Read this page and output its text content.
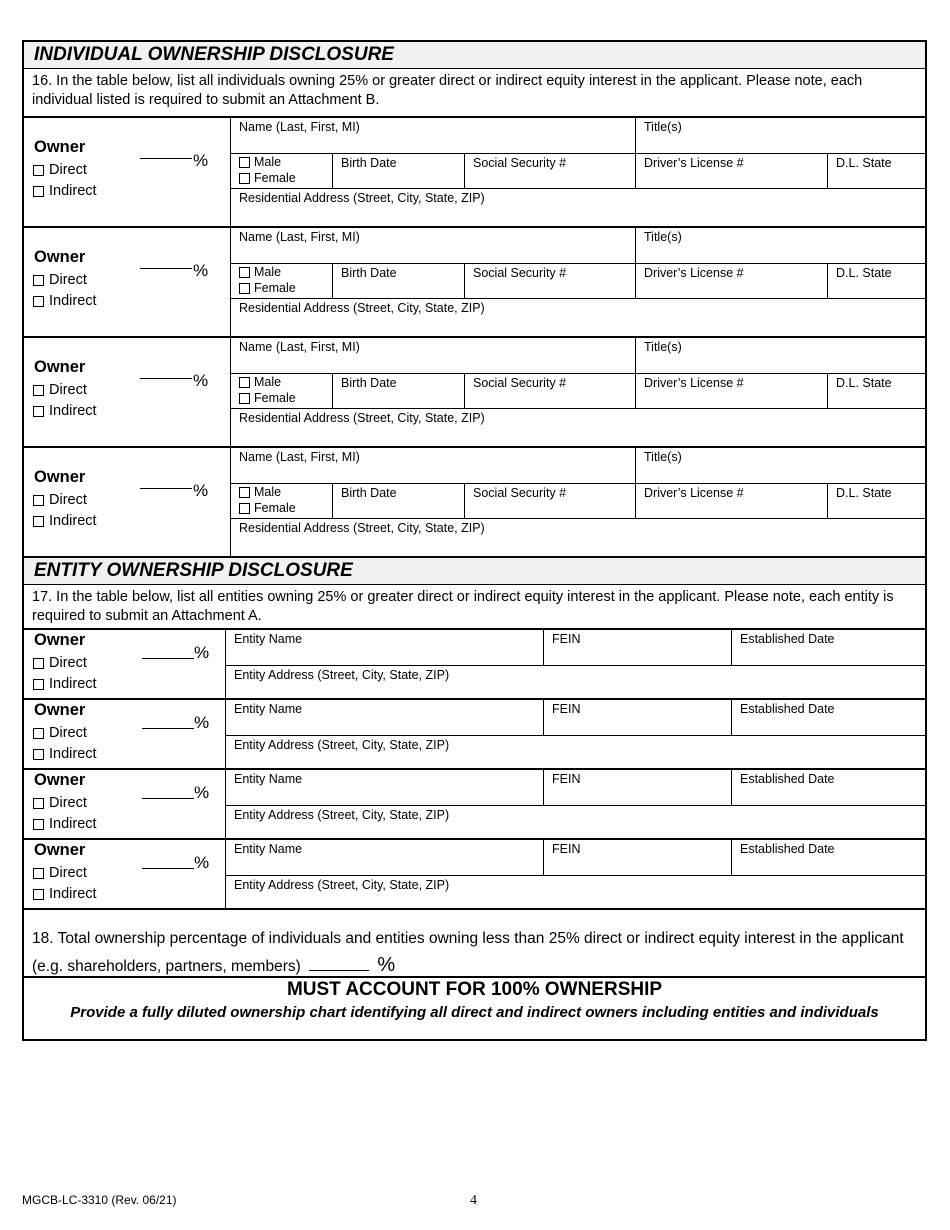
INDIVIDUAL OWNERSHIP DISCLOSURE
16. In the table below, list all individuals owning 25% or greater direct or indirect equity interest in the applicant. Please note, each individual listed is required to submit an Attachment B.
Owner
%
Direct
Indirect
Name (Last, First, MI)	Title(s)
Male
Female
Birth Date	Social Security #	Driver’s License #	D.L. State
Residential Address (Street, City, State, ZIP)
Owner
%
Direct
Indirect
Name (Last, First, MI)	Title(s)
Male
Female
Birth Date	Social Security #	Driver’s License #	D.L. State
Residential Address (Street, City, State, ZIP)
Owner
%
Direct
Indirect
Name (Last, First, MI)	Title(s)
Male
Female
Birth Date	Social Security #	Driver’s License #	D.L. State
Residential Address (Street, City, State, ZIP)
Owner
%
Direct
Indirect
Name (Last, First, MI)	Title(s)
Male
Female
Birth Date	Social Security #	Driver’s License #	D.L. State
Residential Address (Street, City, State, ZIP)
ENTITY OWNERSHIP DISCLOSURE
17. In the table below, list all entities owning 25% or greater direct or indirect equity interest in the applicant. Please note, each entity is required to submit an Attachment A.
Owner
%
Direct
Indirect
Entity Name	FEIN	Established Date
Entity Address (Street, City, State, ZIP)
Owner
%
Direct
Indirect
Entity Name	FEIN	Established Date
Entity Address (Street, City, State, ZIP)
Owner
%
Direct
Indirect
Entity Name	FEIN	Established Date
Entity Address (Street, City, State, ZIP)
Owner
%
Direct
Indirect
Entity Name	FEIN	Established Date
Entity Address (Street, City, State, ZIP)
18. Total ownership percentage of individuals and entities owning less than 25% direct or indirect equity interest in the applicant
(e.g. shareholders, partners, members)	%
MUST ACCOUNT FOR 100% OWNERSHIP
Provide a fully diluted ownership chart identifying all direct and indirect owners including entities and individuals
MGCB-LC-3310 (Rev. 06/21)	4
